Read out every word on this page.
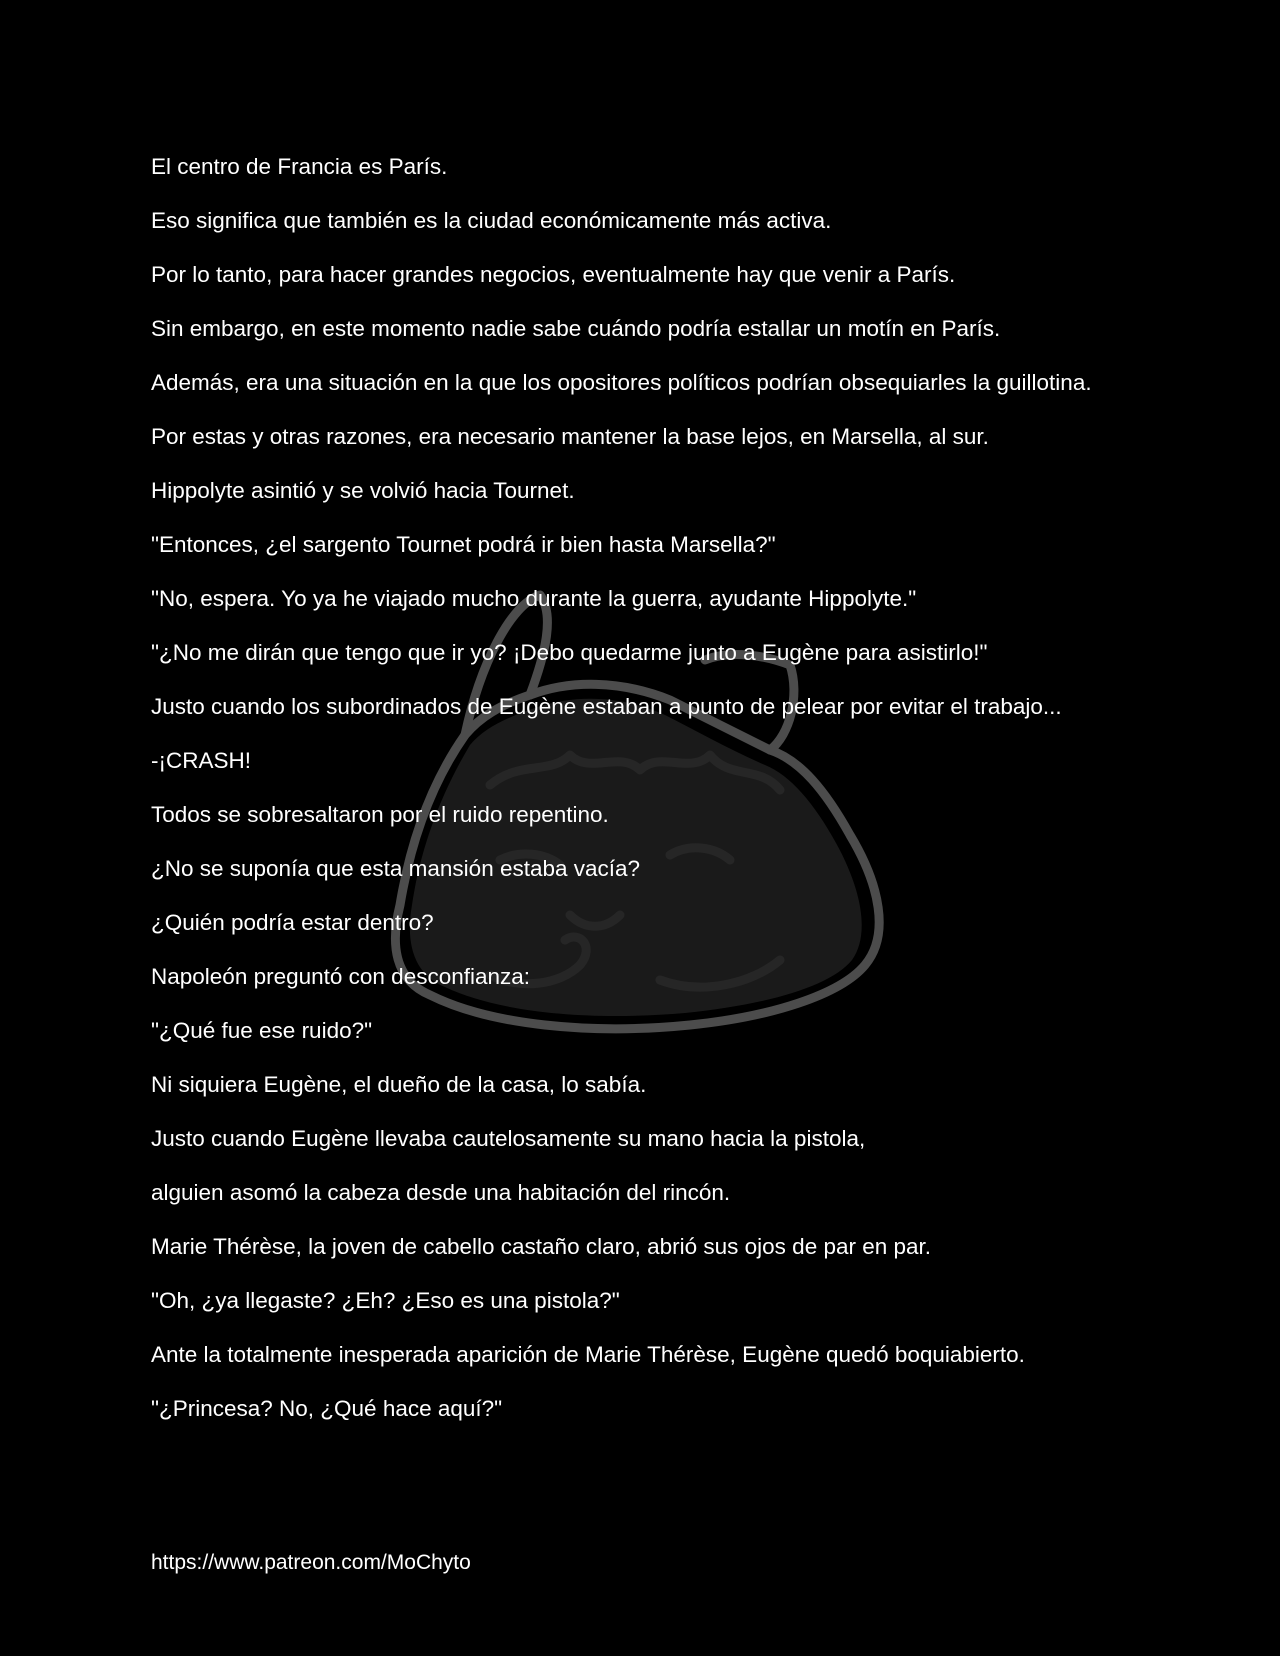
El centro de Francia es París.

Eso significa que también es la ciudad económicamente más activa.

Por lo tanto, para hacer grandes negocios, eventualmente hay que venir a París.

Sin embargo, en este momento nadie sabe cuándo podría estallar un motín en París.

Además, era una situación en la que los opositores políticos podrían obsequiarles la guillotina.

Por estas y otras razones, era necesario mantener la base lejos, en Marsella, al sur.

Hippolyte asintió y se volvió hacia Tournet.

"Entonces, ¿el sargento Tournet podrá ir bien hasta Marsella?"

"No, espera. Yo ya he viajado mucho durante la guerra, ayudante Hippolyte."

"¿No me dirán que tengo que ir yo? ¡Debo quedarme junto a Eugène para asistirlo!"

Justo cuando los subordinados de Eugène estaban a punto de pelear por evitar el trabajo...

-¡CRASH!

Todos se sobresaltaron por el ruido repentino.

¿No se suponía que esta mansión estaba vacía?

¿Quién podría estar dentro?

Napoleón preguntó con desconfianza:

"¿Qué fue ese ruido?"

Ni siquiera Eugène, el dueño de la casa, lo sabía.

Justo cuando Eugène llevaba cautelosamente su mano hacia la pistola,

alguien asomó la cabeza desde una habitación del rincón.

Marie Thérèse, la joven de cabello castaño claro, abrió sus ojos de par en par.

"Oh, ¿ya llegaste? ¿Eh? ¿Eso es una pistola?"

Ante la totalmente inesperada aparición de Marie Thérèse, Eugène quedó boquiabierto.

"¿Princesa? No, ¿Qué hace aquí?"

https://www.patreon.com/MoChyto
